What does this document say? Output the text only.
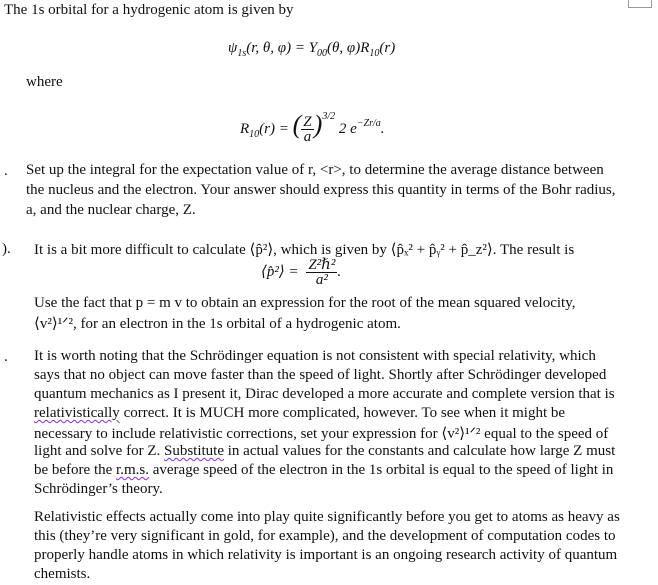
The 1s orbital for a hydrogenic atom is given by
$\psi_{1s}(r$, θ, $\varphi) = Y_{00}(\theta$, $\varphi)R_{10}(r)$
where
$R_{10}(r)$ = ( $\frac{Z}{a} )^{3/2}$ 2 $e^{-Zr/a}$.
. Set up the integral for the expectation value of r, <r>, to determine the average distance between
the nucleus and the electron. Your answer should express this quantity in terms of the Bohr radius,
a, and the nuclear charge, Z.
). It is a bit more difficult to calculate ⟨p̂²⟩, which is given by ⟨p̂ₓ² + p̂ᵧ² + p̂_z²⟩. The result is
⟨p̂²⟩ = $\frac{\text{Z²ℏ²}}{\text{a²}}$ .
Use the fact that p = m v to obtain an expression for the root of the mean squared velocity,
⟨v²⟩¹ᐟ², for an electron in the 1s orbital of a hydrogenic atom.
. It is worth noting that the Schrödinger equation is not consistent with special relativity, which
says that no object can move faster than the speed of light. Shortly after Schrödinger developed
quantum mechanics as I present it, Dirac developed a more accurate and complete version that is
relativistically correct. It is MUCH more complicated, however. To see when it might be
necessary to include relativistic corrections, set your expression for ⟨v²⟩¹ᐟ² equal to the speed of
light and solve for Z. Substitute in actual values for the constants and calculate how large Z must
be before the r.m.s. average speed of the electron in the 1s orbital is equal to the speed of light in
Schrödinger’s theory.
Relativistic effects actually come into play quite significantly before you get to atoms as heavy as
this (they’re very significant in gold, for example), and the development of computation codes to
properly handle atoms in which relativity is important is an ongoing research activity of quantum
chemists.
